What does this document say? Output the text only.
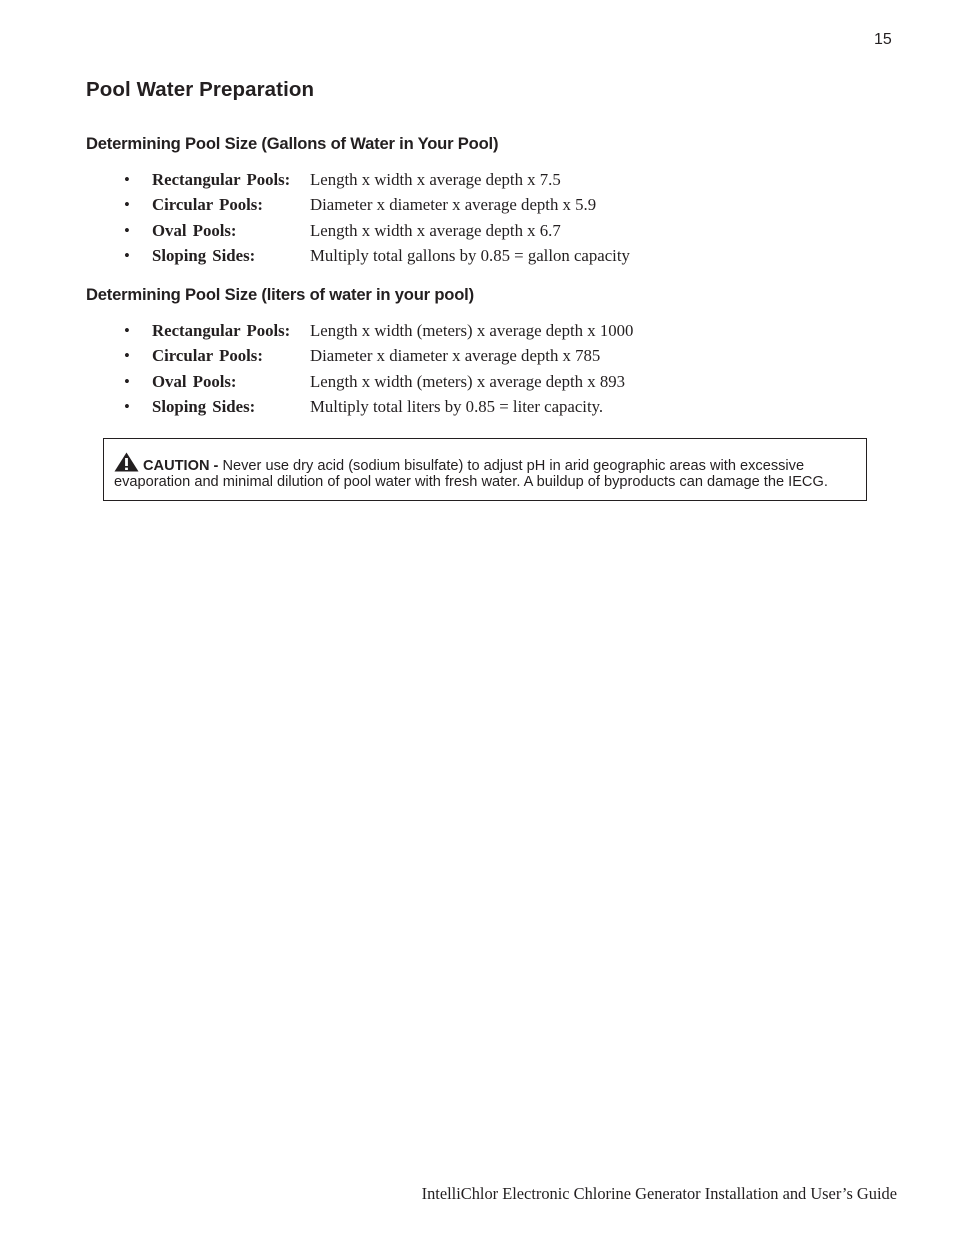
15
Pool Water Preparation
Determining Pool Size (Gallons of Water in Your Pool)
• Rectangular Pools: Length x width x average depth x 7.5
• Circular Pools:	Diameter x diameter x average depth x 5.9
• Oval Pools:	Length x width x average depth x 6.7
• Sloping Sides:	Multiply total gallons by 0.85 = gallon capacity
Determining Pool Size (liters of water in your pool)
• Rectangular Pools: Length x width (meters) x average depth x 1000
• Circular Pools:	Diameter x diameter x average depth x 785
• Oval Pools:	Length x width (meters) x average depth x 893
• Sloping Sides:	Multiply total liters by 0.85 = liter capacity.
CAUTION - Never use dry acid (sodium bisulfate) to adjust pH in arid geographic areas with excessive
evaporation and minimal dilution of pool water with fresh water. A buildup of byproducts can damage the IECG.
IntelliChlor Electronic Chlorine Generator Installation and User’s Guide
